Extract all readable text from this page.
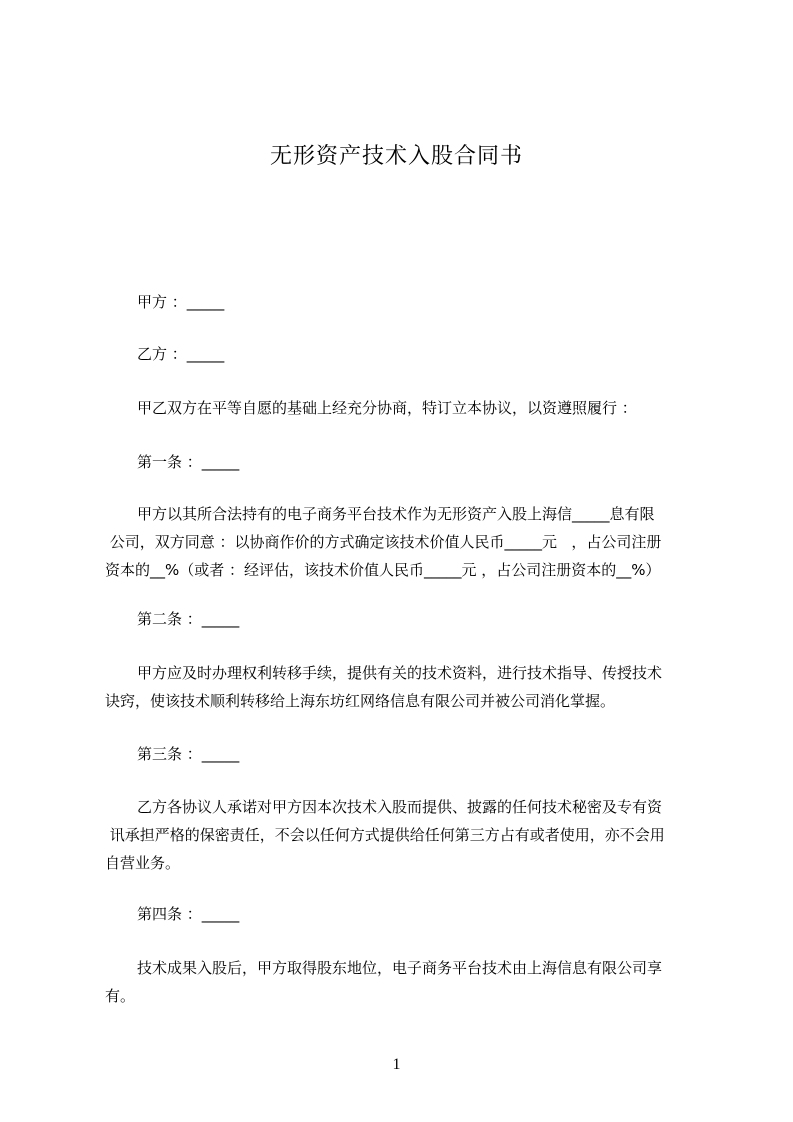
无形资产技术入股合同书
甲方 ：_____
乙方 ：_____
甲乙双方在平等自愿的基础上经充分协商，特订立本协议，以资遵照履行 ：
第一条 ：_____
甲方以其所合法持有的电子商务平台技术作为无形资产入股上海信_____息有限
公司，双方同意 ：以协商作价的方式确定该技术价值人民币_____元   ，占公司注册
资本的__%（或者 ：经评估，该技术价值人民币_____元 ，占公司注册资本的__%）
第二条 ：_____
甲方应及时办理权利转移手续，提供有关的技术资料，进行技术指导、传授技术
诀窍，使该技术顺利转移给上海东坊红网络信息有限公司并被公司消化掌握。
第三条 ：_____
乙方各协议人承诺对甲方因本次技术入股而提供、披露的任何技术秘密及专有资
讯承担严格的保密责任，不会以任何方式提供给任何第三方占有或者使用，亦不会用
自营业务。
第四条 ：_____
技术成果入股后，甲方取得股东地位，电子商务平台技术由上海信息有限公司享
有。
1
